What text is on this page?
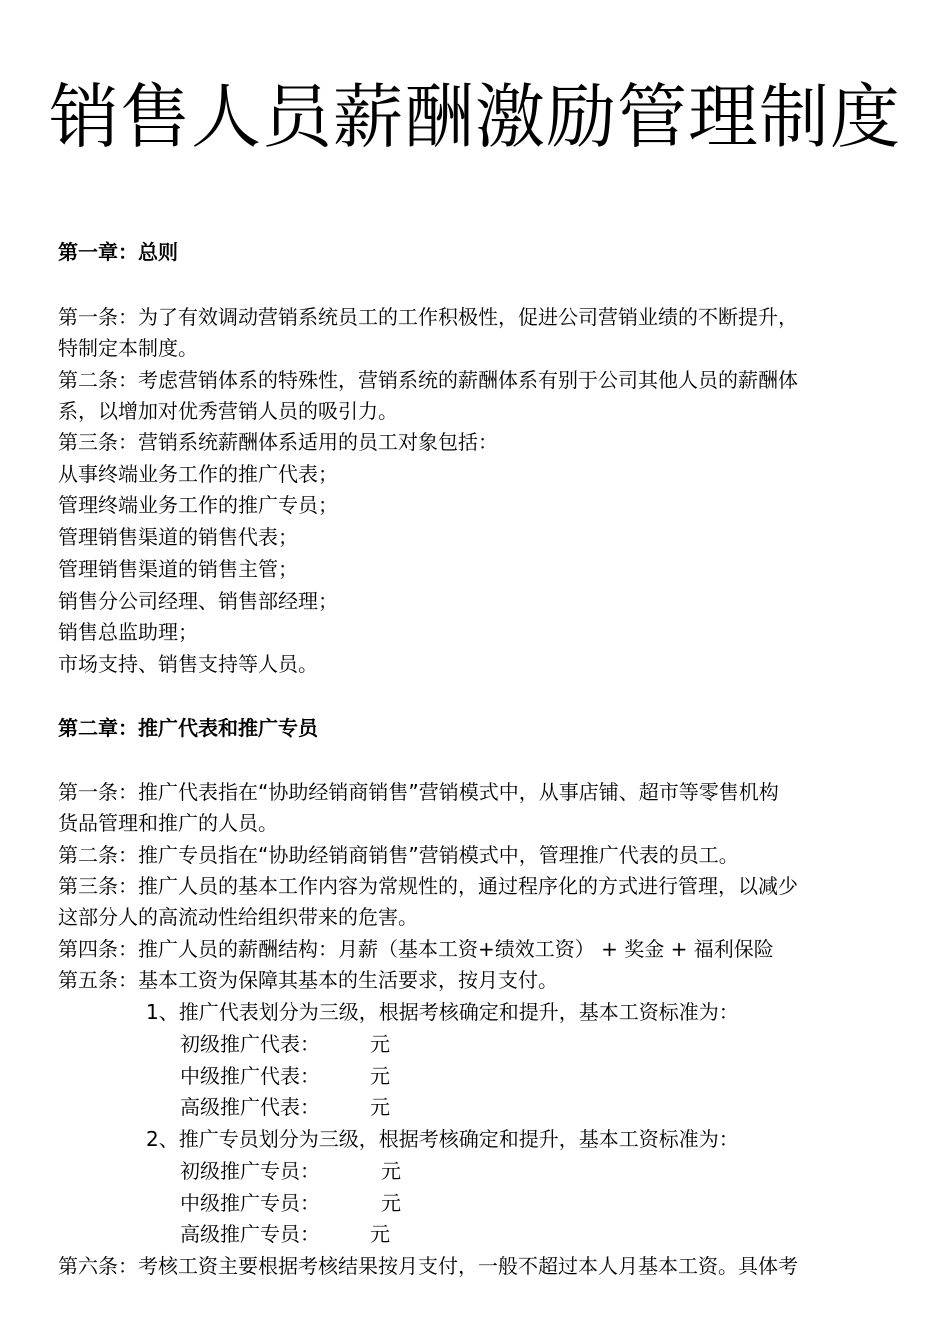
销售人员薪酬激励管理制度

第一章：总则

第一条：为了有效调动营销系统员工的工作积极性，促进公司营销业绩的不断提升，

特制定本制度。

第二条：考虑营销体系的特殊性，营销系统的薪酬体系有别于公司其他人员的薪酬体

系，以增加对优秀营销人员的吸引力。

第三条：营销系统薪酬体系适用的员工对象包括：

从事终端业务工作的推广代表；

管理终端业务工作的推广专员；

管理销售渠道的销售代表；

管理销售渠道的销售主管；

销售分公司经理、销售部经理；

销售总监助理；

市场支持、销售支持等人员。

第二章：推广代表和推广专员

第一条：推广代表指在“协助经销商销售”营销模式中，从事店铺、超市等零售机构

货品管理和推广的人员。

第二条：推广专员指在“协助经销商销售”营销模式中，管理推广代表的员工。

第三条：推广人员的基本工作内容为常规性的，通过程序化的方式进行管理，以减少

这部分人的高流动性给组织带来的危害。

第四条：推广人员的薪酬结构：月薪（基本工资+绩效工资） + 奖金 + 福利保险

第五条：基本工资为保障其基本的生活要求，按月支付。

1、推广代表划分为三级，根据考核确定和提升，基本工资标准为：

初级推广代表：	元

中级推广代表：	元

高级推广代表：	元

2、推广专员划分为三级，根据考核确定和提升，基本工资标准为：

初级推广专员：	元

中级推广专员：	元

高级推广专员：	元

第六条：考核工资主要根据考核结果按月支付，一般不超过本人月基本工资。具体考
